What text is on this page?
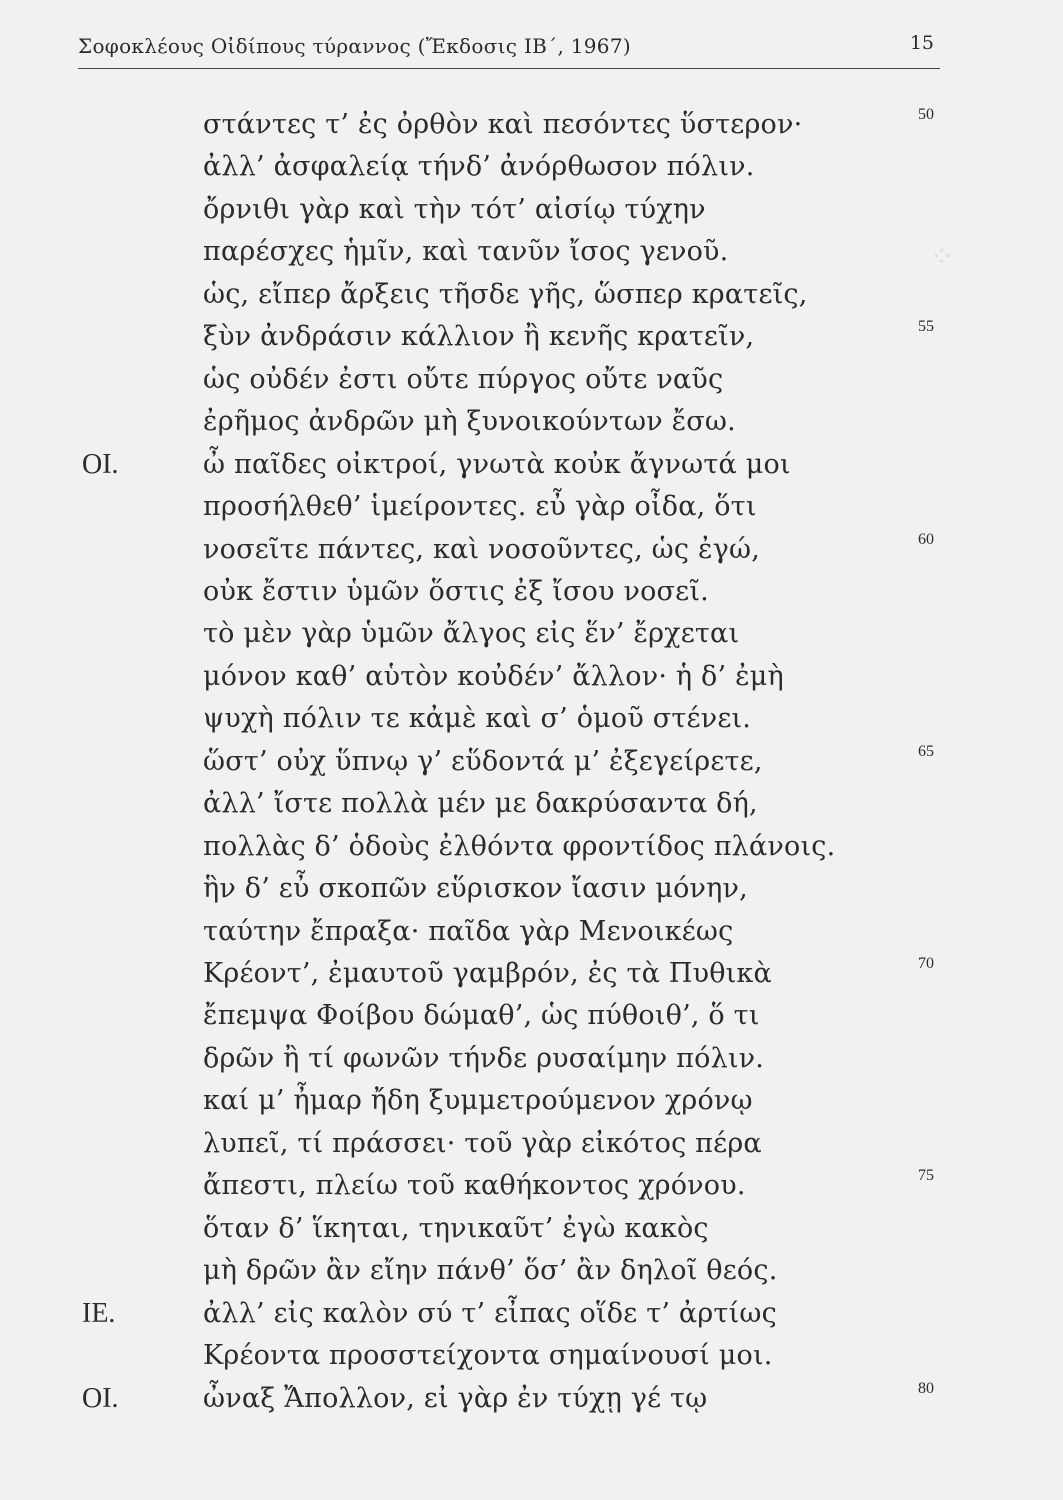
⁘
Σοφοκλέους Οἰδίπους τύραννος (Ἔκδοσις ΙΒ΄, 1967)	15
στάντες τ’ ἐς ὀρθὸν καὶ πεσόντες ὕστερον·	50
ἀλλ’ ἀσφαλείᾳ τήνδ’ ἀνόρθωσον πόλιν.
ὄρνιθι γὰρ καὶ τὴν τότ’ αἰσίῳ τύχην
παρέσχες ἡμῖν, καὶ τανῦν ἴσος γενοῦ.
ὡς, εἴπερ ἄρξεις τῆσδε γῆς, ὥσπερ κρατεῖς,
ξὺν ἀνδράσιν κάλλιον ἢ κενῆς κρατεῖν,	55
ὡς οὐδέν ἐστι οὔτε πύργος οὔτε ναῦς
ἐρῆμος ἀνδρῶν μὴ ξυνοικούντων ἔσω.
ΟΙ.	ὦ παῖδες οἰκτροί, γνωτὰ κοὐκ ἄγνωτά μοι
προσήλθεθ’ ἱμείροντες. εὖ γὰρ οἶδα, ὅτι
νοσεῖτε πάντες, καὶ νοσοῦντες, ὡς ἐγώ,	60
οὐκ ἔστιν ὑμῶν ὅστις ἐξ ἴσου νοσεῖ.
τὸ μὲν γὰρ ὑμῶν ἄλγος εἰς ἕν’ ἔρχεται
μόνον καθ’ αὑτὸν κοὐδέν’ ἄλλον· ἡ δ’ ἐμὴ
ψυχὴ πόλιν τε κἀμὲ καὶ σ’ ὁμοῦ στένει.
ὥστ’ οὐχ ὕπνῳ γ’ εὕδοντά μ’ ἐξεγείρετε,	65
ἀλλ’ ἴστε πολλὰ μέν με δακρύσαντα δή,
πολλὰς δ’ ὁδοὺς ἐλθόντα φροντίδος πλάνοις.
ἣν δ’ εὖ σκοπῶν εὕρισκον ἴασιν μόνην,
ταύτην ἔπραξα· παῖδα γὰρ Μενοικέως
Κρέοντ’, ἐμαυτοῦ γαμβρόν, ἐς τὰ Πυθικὰ	70
ἔπεμψα Φοίβου δώμαθ’, ὡς πύθοιθ’, ὅ τι
δρῶν ἢ τί φωνῶν τήνδε ρυσαίμην πόλιν.
καί μ’ ἦμαρ ἤδη ξυμμετρούμενον χρόνῳ
λυπεῖ, τί πράσσει· τοῦ γὰρ εἰκότος πέρα
ἄπεστι, πλείω τοῦ καθήκοντος χρόνου.	75
ὅταν δ’ ἵκηται, τηνικαῦτ’ ἐγὼ κακὸς
μὴ δρῶν ἂν εἴην πάνθ’ ὅσ’ ἂν δηλοῖ θεός.
ΙΕ.	ἀλλ’ εἰς καλὸν σύ τ’ εἶπας οἵδε τ’ ἀρτίως
Κρέοντα προσστείχοντα σημαίνουσί μοι.
ΟΙ.	ὦναξ Ἄπολλον, εἰ γὰρ ἐν τύχῃ γέ τῳ	80
